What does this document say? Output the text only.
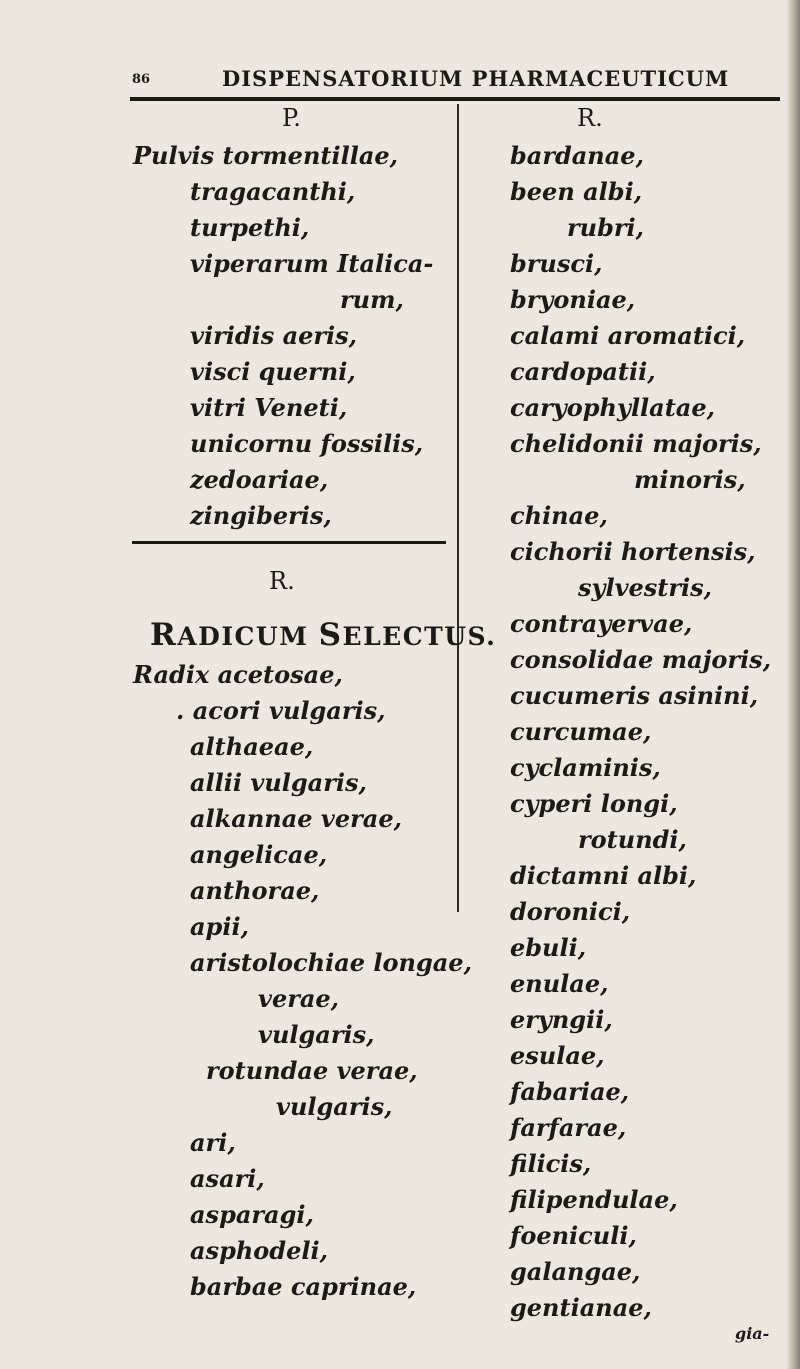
86	DISPENSATORIUM PHARMACEUTICUM
P.
Pulvis tormentillae,
tragacanthi,
turpethi,
viperarum Italica-
rum,
viridis aeris,
visci querni,
vitri Veneti,
unicornu fossilis,
zedoariae,
zingiberis,
R.
RADICUM SELECTUS.
Radix acetosae,
. acori vulgaris,
althaeae,
allii vulgaris,
alkannae verae,
angelicae,
anthorae,
apii,
aristolochiae longae,
verae,
vulgaris,
rotundae verae,
vulgaris,
ari,
asari,
asparagi,
asphodeli,
barbae caprinae,
R.
bardanae,
been albi,
rubri,
brusci,
bryoniae,
calami aromatici,
cardopatii,
caryophyllatae,
chelidonii majoris,
minoris,
chinae,
cichorii hortensis,
sylvestris,
contrayervae,
consolidae majoris,
cucumeris asinini,
curcumae,
cyclaminis,
cyperi longi,
rotundi,
dictamni albi,
doronici,
ebuli,
enulae,
eryngii,
esulae,
fabariae,
farfarae,
filicis,
filipendulae,
foeniculi,
galangae,
gentianae,
gia-
